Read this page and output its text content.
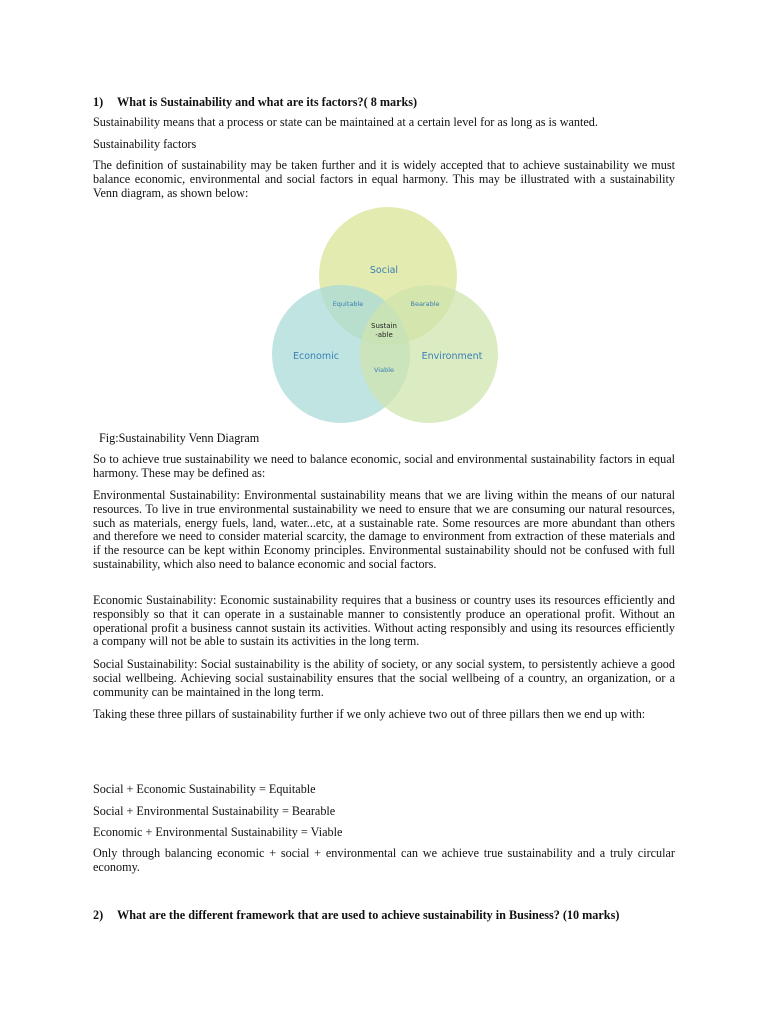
1) What is Sustainability and what are its factors?( 8 marks)
Sustainability means that a process or state can be maintained at a certain level for as long as is wanted.
Sustainability factors
The definition of sustainability may be taken further and it is widely accepted that to achieve sustainability we must balance economic, environmental and social factors in equal harmony. This may be illustrated with a sustainability Venn diagram, as shown below:
Social
Economic	Environment
Equitable	Bearable
Viable
Sustain
-able
Fig:Sustainability Venn Diagram
So to achieve true sustainability we need to balance economic, social and environmental sustainability factors in equal harmony. These may be defined as:
Environmental Sustainability: Environmental sustainability means that we are living within the means of our natural resources. To live in true environmental sustainability we need to ensure that we are consuming our natural resources, such as materials, energy fuels, land, water...etc, at a sustainable rate. Some resources are more abundant than others and therefore we need to consider material scarcity, the damage to environment from extraction of these materials and if the resource can be kept within Economy principles. Environmental sustainability should not be confused with full sustainability, which also need to balance economic and social factors.
Economic Sustainability: Economic sustainability requires that a business or country uses its resources efficiently and responsibly so that it can operate in a sustainable manner to consistently produce an operational profit. Without an operational profit a business cannot sustain its activities. Without acting responsibly and using its resources efficiently a company will not be able to sustain its activities in the long term.
Social Sustainability: Social sustainability is the ability of society, or any social system, to persistently achieve a good social wellbeing. Achieving social sustainability ensures that the social wellbeing of a country, an organization, or a community can be maintained in the long term.
Taking these three pillars of sustainability further if we only achieve two out of three pillars then we end up with:
Social + Economic Sustainability = Equitable
Social + Environmental Sustainability = Bearable
Economic + Environmental Sustainability = Viable
Only through balancing economic + social + environmental can we achieve true sustainability and a truly circular economy.
2) What are the different framework that are used to achieve sustainability in Business? (10 marks)
